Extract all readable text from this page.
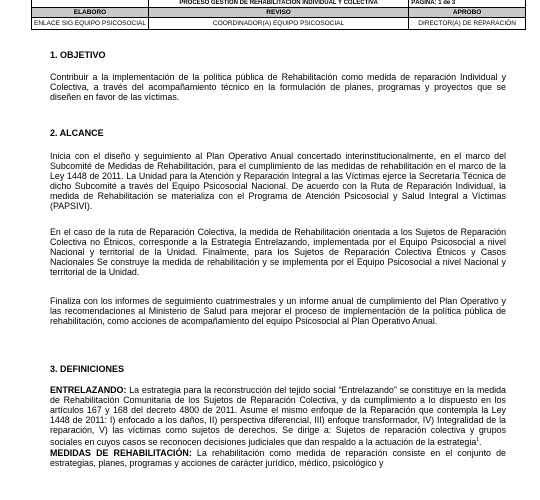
	PROCESO GESTIÓN DE REHABILITACIÓN INDIVIDUAL Y COLECTIVA	PÁGINA: 1 de 3
ELABORO	REVISO	APROBO
ENLACE SIG EQUIPO PSICOSOCIAL	COORDINADOR(A) EQUIPO PSICOSOCIAL	DIRECTOR(A) DE REPARACIÓN
1. OBJETIVO

Contribuir a la implementación de la política pública de Rehabilitación como medida de reparación Individual y Colectiva, a través del acompañamiento técnico en la formulación de planes, programas y proyectos que se diseñen en favor de las víctimas.

2. ALCANCE

Inicia con el diseño y seguimiento al Plan Operativo Anual concertado interinstitucionalmente, en el marco del Subcomité de Medidas de Rehabilitación, para el cumplimiento de las medidas de rehabilitación en el marco de la Ley 1448 de 2011. La Unidad para la Atención y Reparación Integral a las Víctimas ejerce la Secretaría Técnica de dicho Subcomité a través del Equipo Psicosocial Nacional. De acuerdo con la Ruta de Reparación Individual, la medida de Rehabilitación se materializa con el Programa de Atención Psicosocial y Salud Integral a Víctimas (PAPSIVI).

En el caso de la ruta de Reparación Colectiva, la medida de Rehabilitación orientada a los Sujetos de Reparación Colectiva no Étnicos, corresponde a la Estrategia Entrelazando, implementada por el Equipo Psicosocial a nivel Nacional y territorial de la Unidad. Finalmente, para los Sujetos de Reparación Colectiva Étnicos y Casos Nacionales Se construye la medida de rehabilitación y se implementa por el Equipo Psicosocial a nivel Nacional y territorial de la Unidad.

Finaliza con los informes de seguimiento cuatrimestrales y un informe anual de cumplimiento del Plan Operativo y las recomendaciones al Ministerio de Salud para mejorar el proceso de implementación de la política pública de rehabilitación, como acciones de acompañamiento del equipo Psicosocial al Plan Operativo Anual.

3. DEFINICIONES

ENTRELAZANDO: La estrategia para la reconstrucción del tejido social “Entrelazando” se constituye en la medida de Rehabilitación Comunitaria de los Sujetos de Reparación Colectiva, y da cumplimiento a lo dispuesto en los artículos 167 y 168 del decreto 4800 de 2011. Asume el mismo enfoque de la Reparación que contempla la Ley 1448 de 2011: I) enfocado a los daños, II) perspectiva diferencial, III) enfoque transformador, IV) Integralidad de la reparación, V) las víctimas como sujetos de derechos. Se dirige a: Sujetos de reparación colectiva y grupos sociales en cuyos casos se reconocen decisiones judiciales que dan respaldo a la actuación de la estrategia$^1$.
MEDIDAS DE REHABILITACIÓN: La rehabilitación como medida de reparación consiste en el conjunto de estrategias, planes, programas y acciones de carácter jurídico, médico, psicológico y
